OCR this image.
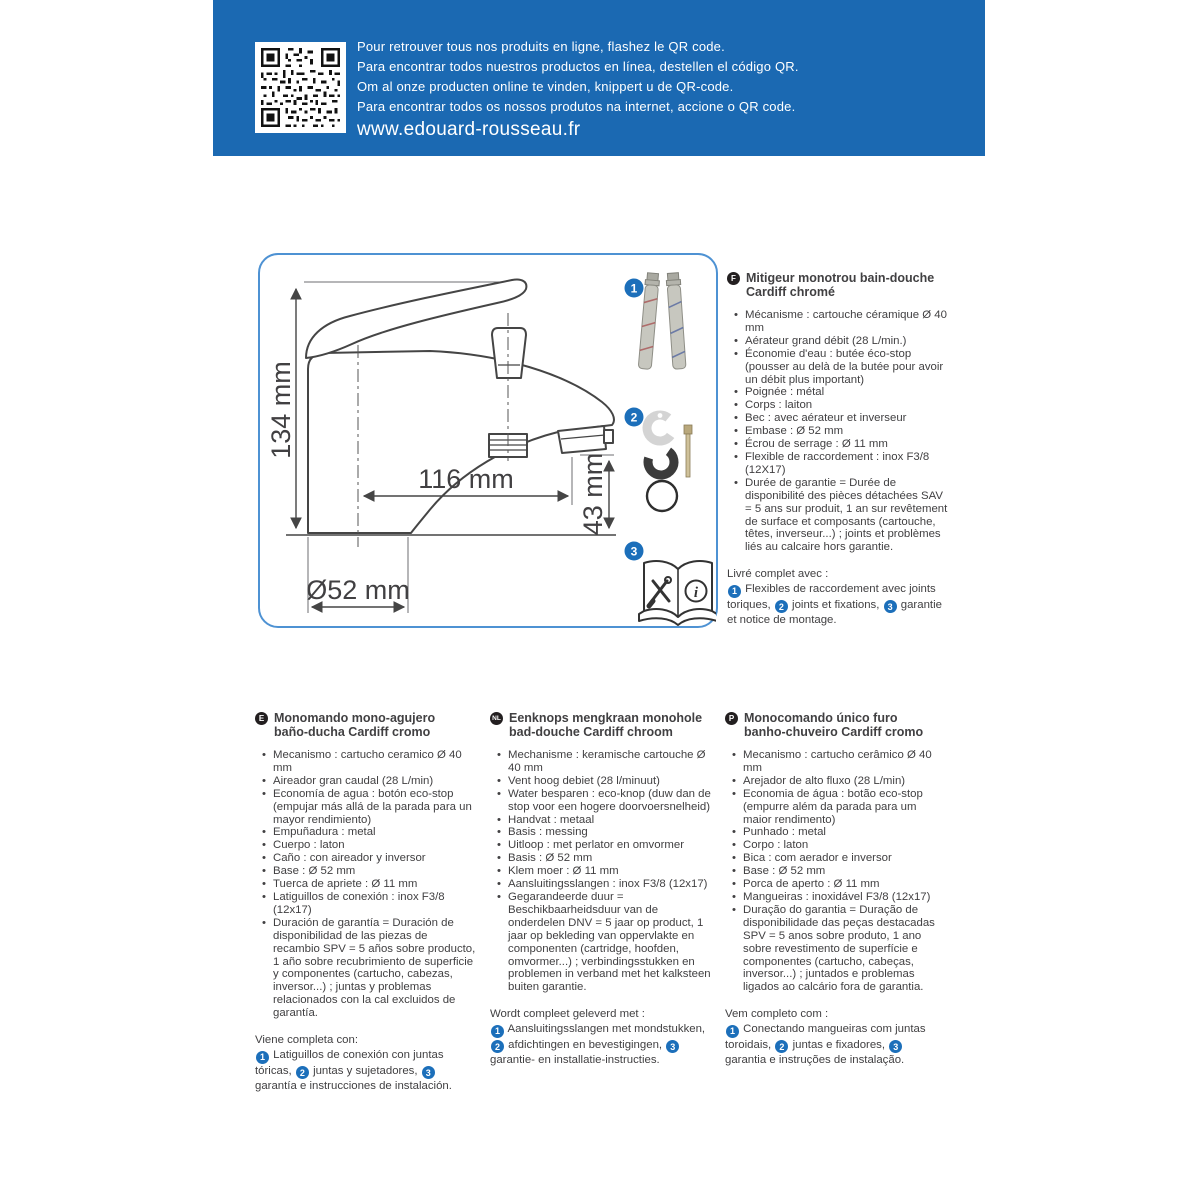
Pour retrouver tous nos produits en ligne, flashez le QR code.

Para encontrar todos nuestros productos en línea, destellen el código QR.

Om al onze producten online te vinden, knippert u de QR-code.

Para encontrar todos os nossos produtos na internet, accione o QR code.

www.edouard-rousseau.fr

134 mm
116 mm 43 mm
Ø52 mm
1
2
3
i
F Mitigeur monotrou bain-douche Cardiff chromé
• Mécanisme : cartouche céramique Ø 40 mm
• Aérateur grand débit (28 L/min.)
• Économie d'eau : butée éco-stop (pousser au delà de la butée pour avoir un débit plus important)
• Poignée : métal
• Corps : laiton
• Bec : avec aérateur et inverseur
• Embase : Ø 52 mm
• Écrou de serrage : Ø 11 mm
• Flexible de raccordement : inox F3/8 (12X17)
• Durée de garantie = Durée de disponibilité des pièces détachées SAV = 5 ans sur produit, 1 an sur revêtement de surface et composants (cartouche, têtes, inverseur...) ; joints et problèmes liés au calcaire hors garantie.

Livré complet avec :
1 Flexibles de raccordement avec joints toriques, 2 joints et fixations, 3 garantie et notice de montage.

E Monomando mono-agujero baño-ducha Cardiff cromo
• Mecanismo : cartucho ceramico Ø 40 mm
• Aireador gran caudal (28 L/min)
• Economía de agua : botón eco-stop (empujar más allá de la parada para un mayor rendimiento)
• Empuñadura : metal
• Cuerpo : laton
• Caño : con aireador y inversor
• Base : Ø 52 mm
• Tuerca de apriete : Ø 11 mm
• Latiguillos de conexión : inox F3/8 (12x17)
• Duración de garantía = Duración de disponibilidad de las piezas de recambio SPV = 5 años sobre producto, 1 año sobre recubrimiento de superficie y componentes (cartucho, cabezas, inversor...) ; juntas y problemas relacionados con la cal excluidos de garantía.

Viene completa con:
1 Latiguillos de conexión con juntas tóricas, 2 juntas y sujetadores, 3 garantía e instrucciones de instalación.

NL Eenknops mengkraan monohole bad-douche Cardiff chroom
• Mechanisme : keramische cartouche Ø 40 mm
• Vent hoog debiet (28 l/minuut)
• Water besparen : eco-knop (duw dan de stop voor een hogere doorvoersnelheid)
• Handvat : metaal
• Basis : messing
• Uitloop : met perlator en omvormer
• Basis : Ø 52 mm
• Klem moer : Ø 11 mm
• Aansluitingsslangen : inox F3/8 (12x17)
• Gegarandeerde duur = Beschikbaarheidsduur van de onderdelen DNV = 5 jaar op product, 1 jaar op bekleding van oppervlakte en componenten (cartridge, hoofden, omvormer...) ; verbindingsstukken en problemen in verband met het kalksteen buiten garantie.

Wordt compleet geleverd met :
1 Aansluitingsslangen met mondstukken, 2 afdichtingen en bevestigingen, 3 garantie- en installatie-instructies.

P Monocomando único furo banho-chuveiro Cardiff cromo
• Mecanismo : cartucho cerâmico Ø 40 mm
• Arejador de alto fluxo (28 L/min)
• Economia de água : botão eco-stop (empurre além da parada para um maior rendimento)
• Punhado : metal
• Corpo : laton
• Bica : com aerador e inversor
• Base : Ø 52 mm
• Porca de aperto : Ø 11 mm
• Mangueiras : inoxidável F3/8 (12x17)
• Duração do garantia = Duração de disponibilidade das peças destacadas SPV = 5 anos sobre produto, 1 ano sobre revestimento de superfície e componentes (cartucho, cabeças, inversor...) ; juntados e problemas ligados ao calcário fora de garantia.

Vem completo com :
1 Conectando mangueiras com juntas toroidais, 2 juntas e fixadores, 3 garantia e instruções de instalação.
